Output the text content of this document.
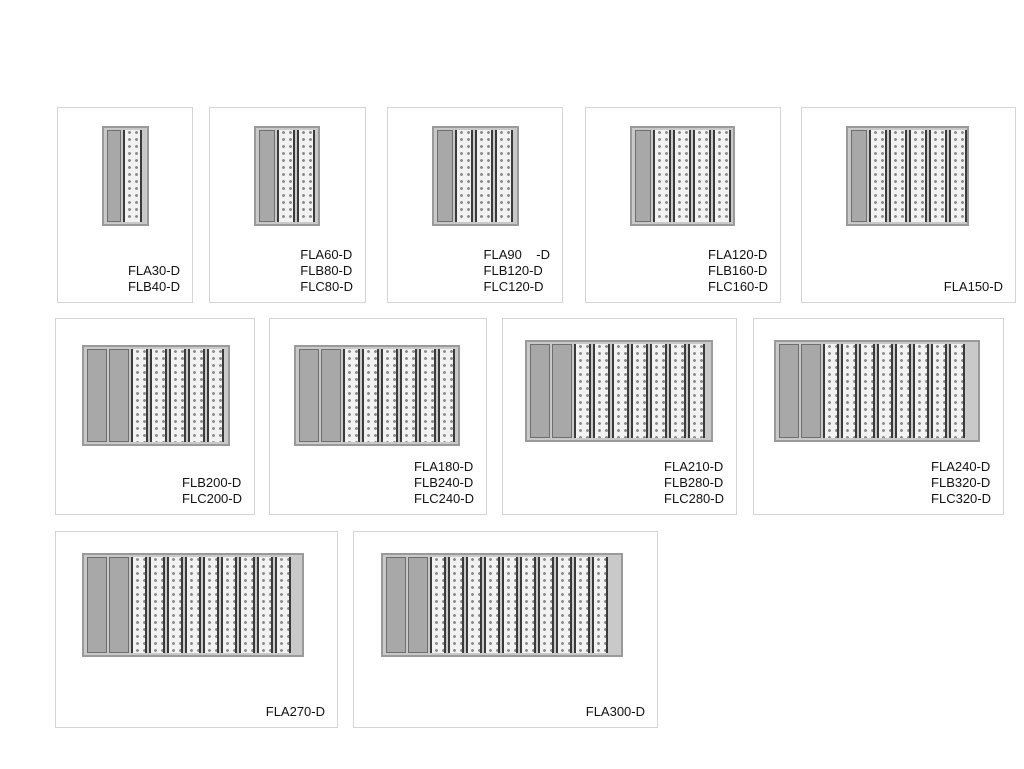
FLA30-D
FLB40-D
FLA60-D
FLB80-D
FLC80-D
FLA90    -D
FLB120-D
FLC120-D
FLA120-D
FLB160-D
FLC160-D	FLA150-D
FLB200-D
FLC200-D
FLA180-D
FLB240-D
FLC240-D
FLA210-D
FLB280-D
FLC280-D
FLA240-D
FLB320-D
FLC320-D
FLA270-D	FLA300-D
